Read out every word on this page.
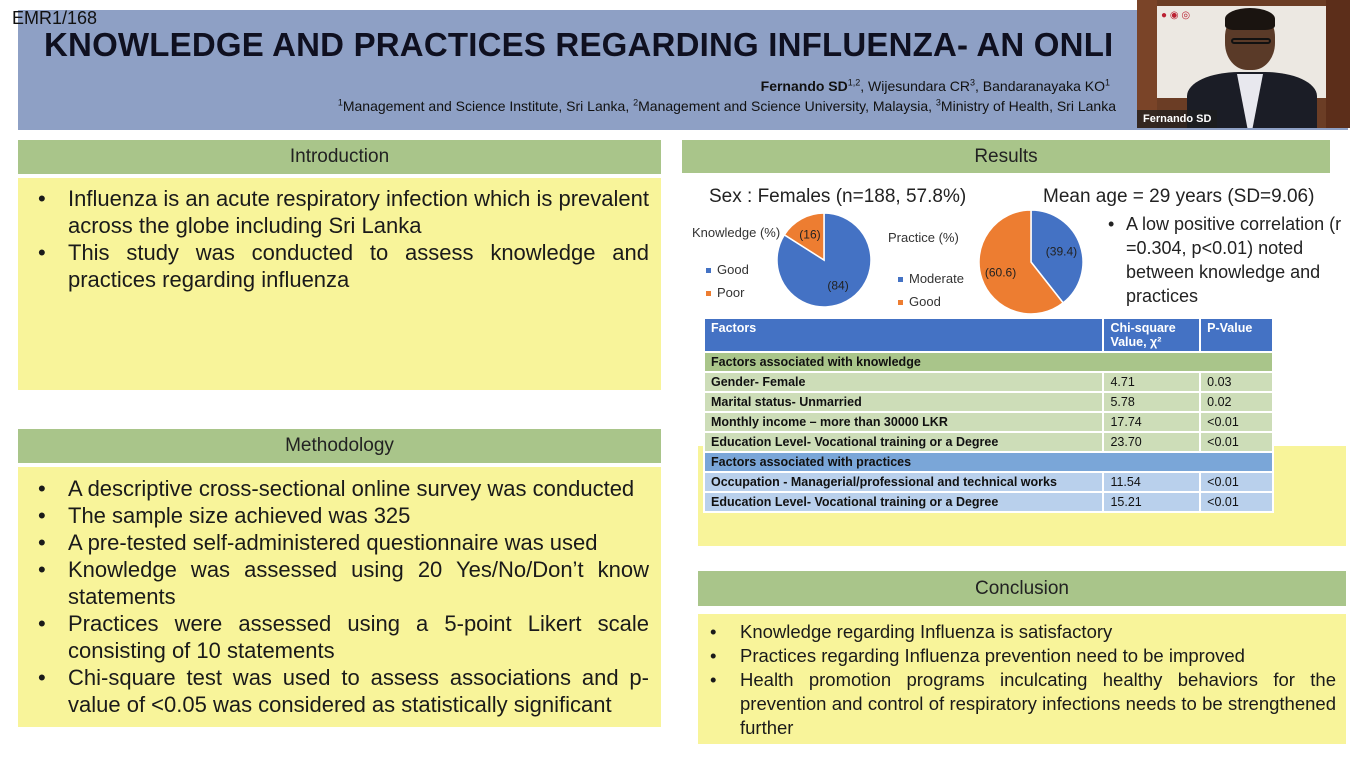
EMR1/168
KNOWLEDGE AND PRACTICES REGARDING INFLUENZA- AN ONLI
Fernando SD$^{1,2}$, Wijesundara $CR^3$, Bandaranayaka $KO^1$
$^1$Management and Science Institute, Sri Lanka, $^2$Management and Science University, Malaysia, $^3$Ministry of Health, Sri Lanka
● ◉ ◎
Fernando SD
Introduction
• Influenza is an acute respiratory infection which is prevalent across the globe including Sri Lanka
• This study was conducted to assess knowledge and practices regarding influenza
Methodology
• A descriptive cross-sectional online survey was conducted
• The sample size achieved was 325
• A pre-tested self-administered questionnaire was used
• Knowledge was assessed using 20 Yes/No/Don’t know statements
• Practices were assessed using a 5-point Likert scale consisting of 10 statements
• Chi-square test was used to assess associations and p-value of <0.05 was considered as statistically significant
Results
Sex : Females (n=188, 57.8%)	Mean age = 29 years (SD=9.06)
Knowledge (%)
Good
Poor	(84)
(16)	Practice (%)
Moderate
Good
(39.4)
(60.6)
• A low positive correlation (r =0.304, p<0.01) noted between knowledge and practices
Factors	Chi-square Value, χ²	P-Value
Factors associated with knowledge		
Gender- Female	4.71	0.03
Marital status- Unmarried	5.78	0.02
Monthly income – more than 30000 LKR	17.74	<0.01
Education Level- Vocational training or a Degree	23.70	<0.01
Factors associated with practices		
Occupation - Managerial/professional and technical works	11.54	<0.01
Education Level- Vocational training or a Degree	15.21	<0.01
Conclusion
• Knowledge regarding Influenza is satisfactory
• Practices regarding Influenza prevention need to be improved
• Health promotion programs inculcating healthy behaviors for the prevention and control of respiratory infections needs to be strengthened further
